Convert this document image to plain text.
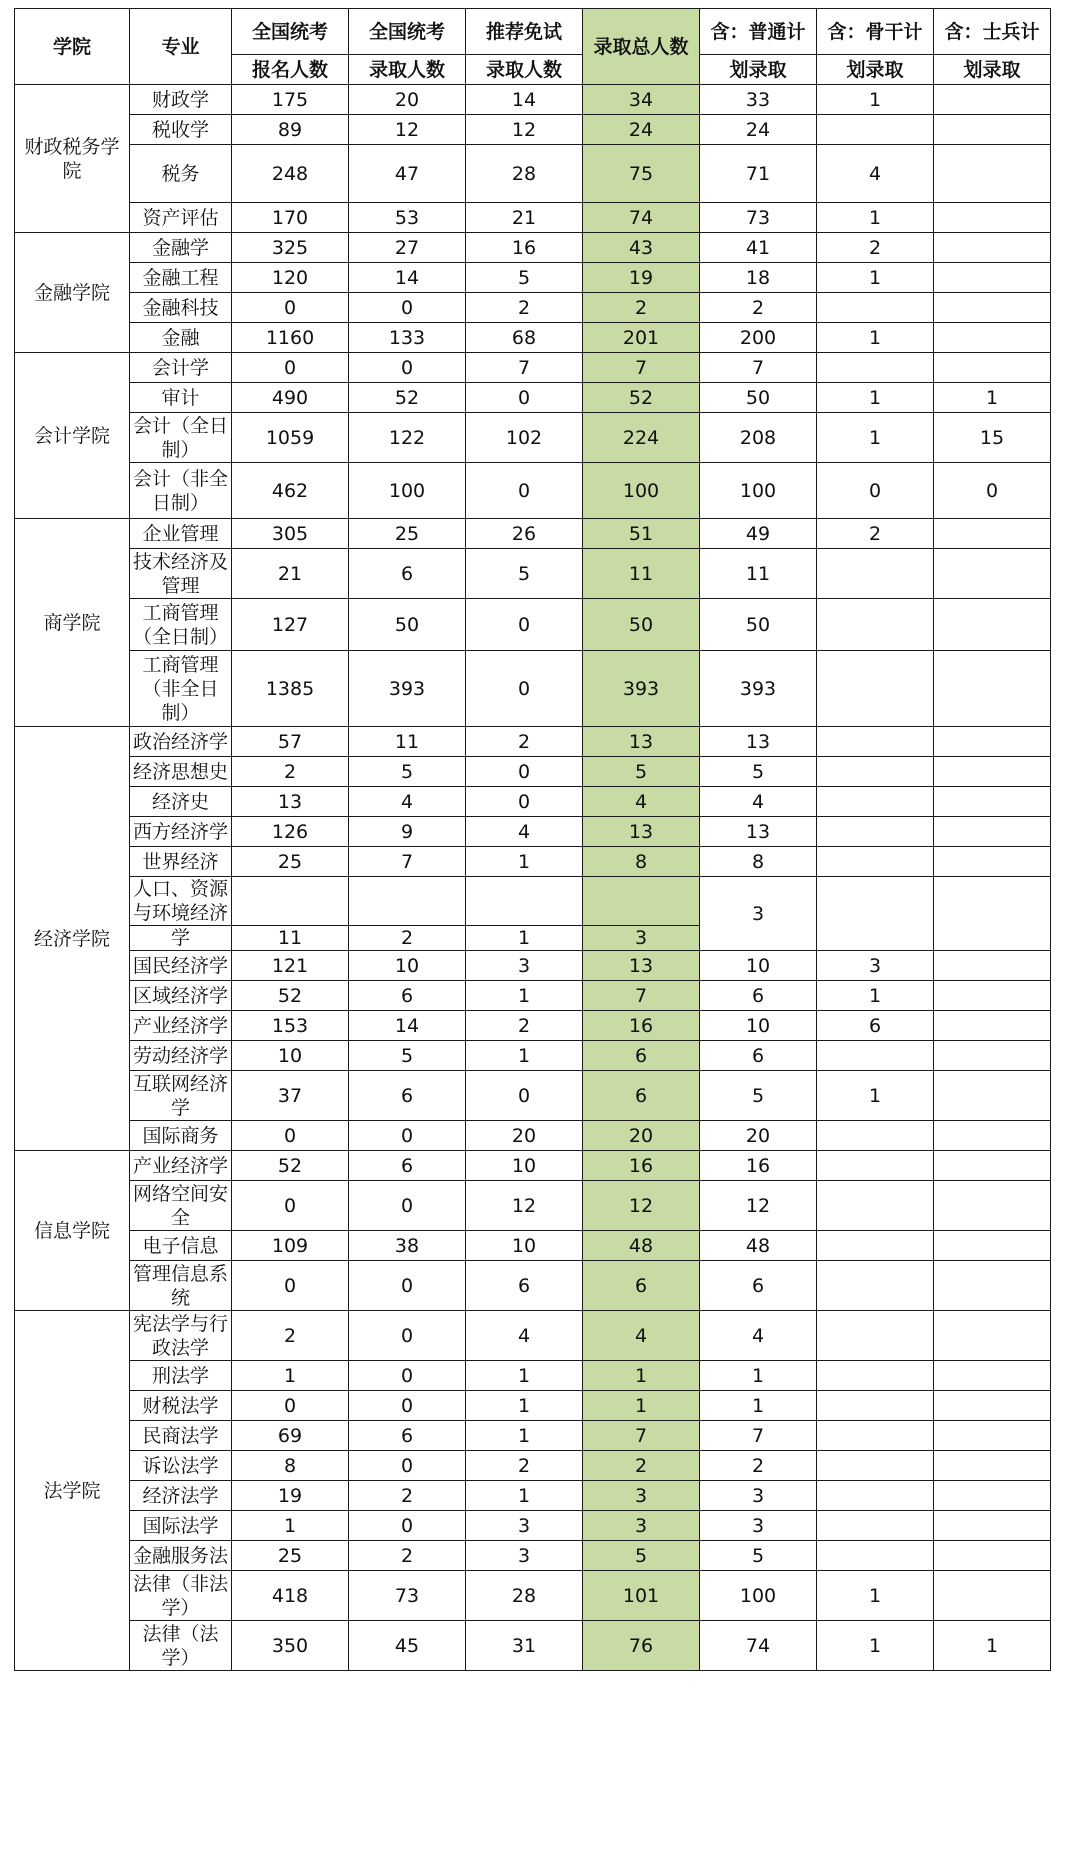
学院	专业	全国统考	全国统考	推荐免试	录取总人数	含：普通计	含：骨干计	含：士兵计
		报名人数	录取人数	录取人数		划录取	划录取	划录取
财政税务学院	财政学	175	20	14	34	33	1	
	税收学	89	12	12	24	24		
	税务	248	47	28	75	71	4	
	资产评估	170	53	21	74	73	1	
金融学院	金融学	325	27	16	43	41	2	
	金融工程	120	14	5	19	18	1	
	金融科技	0	0	2	2	2		
	金融	1160	133	68	201	200	1	
会计学院	会计学	0	0	7	7	7		
	审计	490	52	0	52	50	1	1
	会计（全日制）	1059	122	102	224	208	1	15
	会计（非全日制）	462	100	0	100	100	0	0
商学院	企业管理	305	25	26	51	49	2	
	技术经济及管理	21	6	5	11	11		
	工商管理（全日制）	127	50	0	50	50		
	工商管理（非全日制）	1385	393	0	393	393		
经济学院	政治经济学	57	11	2	13	13		
	经济思想史	2	5	0	5	5		
	经济史	13	4	0	4	4		
	西方经济学	126	9	4	13	13		
	世界经济	25	7	1	8	8		
	人口、资源与环境经济					3		
	学	11	2	1	3			
	国民经济学	121	10	3	13	10	3	
	区域经济学	52	6	1	7	6	1	
	产业经济学	153	14	2	16	10	6	
	劳动经济学	10	5	1	6	6		
	互联网经济学	37	6	0	6	5	1	
	国际商务	0	0	20	20	20		
信息学院	产业经济学	52	6	10	16	16		
	网络空间安全	0	0	12	12	12		
	电子信息	109	38	10	48	48		
	管理信息系统	0	0	6	6	6		
法学院	宪法学与行政法学	2	0	4	4	4		
	刑法学	1	0	1	1	1		
	财税法学	0	0	1	1	1		
	民商法学	69	6	1	7	7		
	诉讼法学	8	0	2	2	2		
	经济法学	19	2	1	3	3		
	国际法学	1	0	3	3	3		
	金融服务法	25	2	3	5	5		
	法律（非法学）	418	73	28	101	100	1	
	法律（法学）	350	45	31	76	74	1	1
